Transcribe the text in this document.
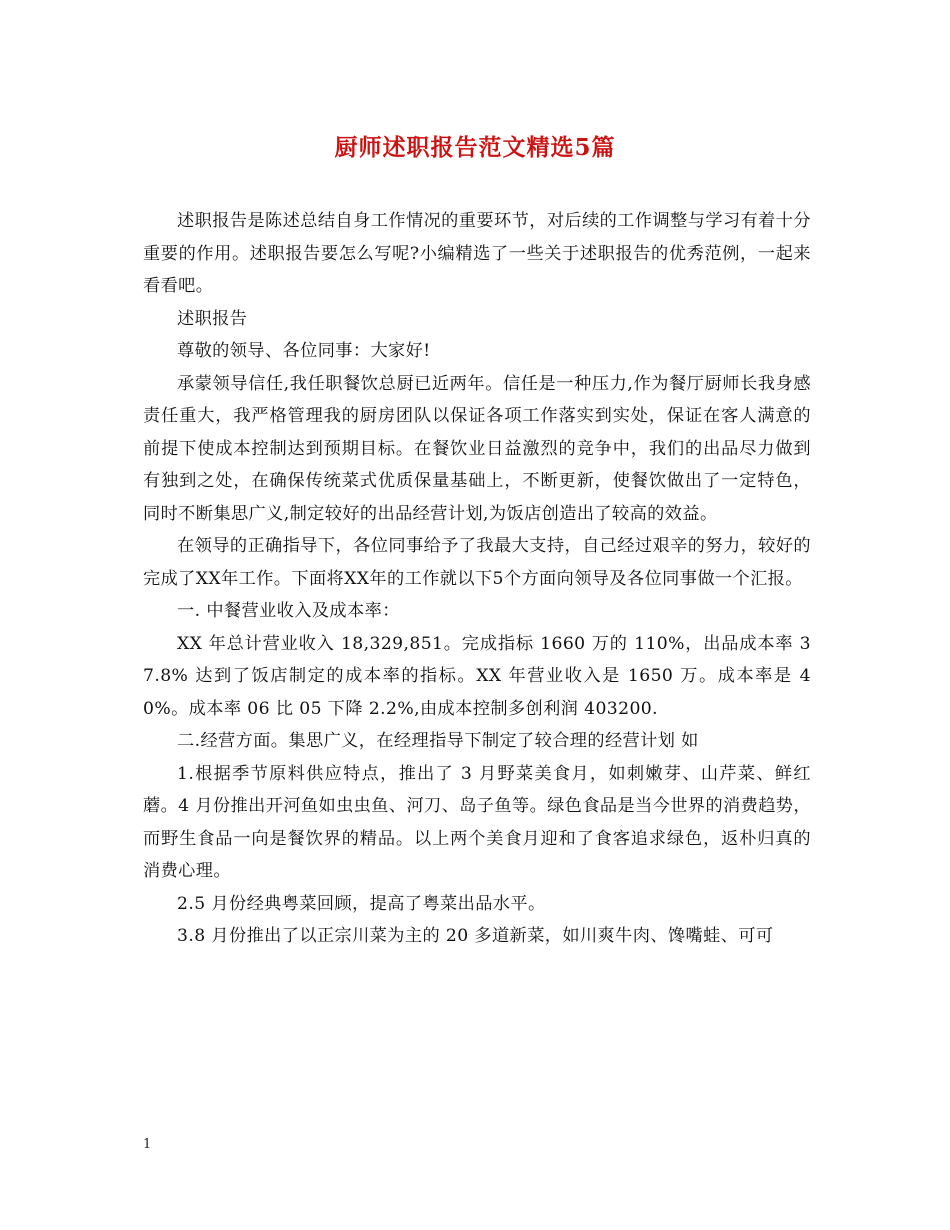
厨师述职报告范文精选5篇

述职报告是陈述总结自身工作情况的重要环节，对后续的工作调整与学习有着十分重要的作用。述职报告要怎么写呢?小编精选了一些关于述职报告的优秀范例，一起来看看吧。

述职报告

尊敬的领导、各位同事：大家好!

承蒙领导信任,我任职餐饮总厨已近两年。信任是一种压力,作为餐厅厨师长我身感责任重大，我严格管理我的厨房团队以保证各项工作落实到实处，保证在客人满意的前提下使成本控制达到预期目标。在餐饮业日益激烈的竞争中，我们的出品尽力做到有独到之处，在确保传统菜式优质保量基础上，不断更新，使餐饮做出了一定特色，同时不断集思广义,制定较好的出品经营计划,为饭店创造出了较高的效益。

在领导的正确指导下，各位同事给予了我最大支持，自己经过艰辛的努力，较好的完成了XX年工作。下面将XX年的工作就以下5个方面向领导及各位同事做一个汇报。

一. 中餐营业收入及成本率：

XX 年总计营业收入 18,329,851。完成指标 1660 万的 110%，出品成本率 37.8% 达到了饭店制定的成本率的指标。XX 年营业收入是 1650 万。成本率是 40%。成本率 06 比 05 下降 2.2%,由成本控制多创利润 403200.

二.经营方面。集思广义，在经理指导下制定了较合理的经营计划 如

1.根据季节原料供应特点，推出了 3 月野菜美食月，如刺嫩芽、山芹菜、鲜红蘑。4 月份推出开河鱼如虫虫鱼、河刀、岛子鱼等。绿色食品是当今世界的消费趋势，而野生食品一向是餐饮界的精品。以上两个美食月迎和了食客追求绿色，返朴归真的消费心理。

2.5 月份经典粤菜回顾，提高了粤菜出品水平。

3.8 月份推出了以正宗川菜为主的 20 多道新菜，如川爽牛肉、馋嘴蛙、可可

1
